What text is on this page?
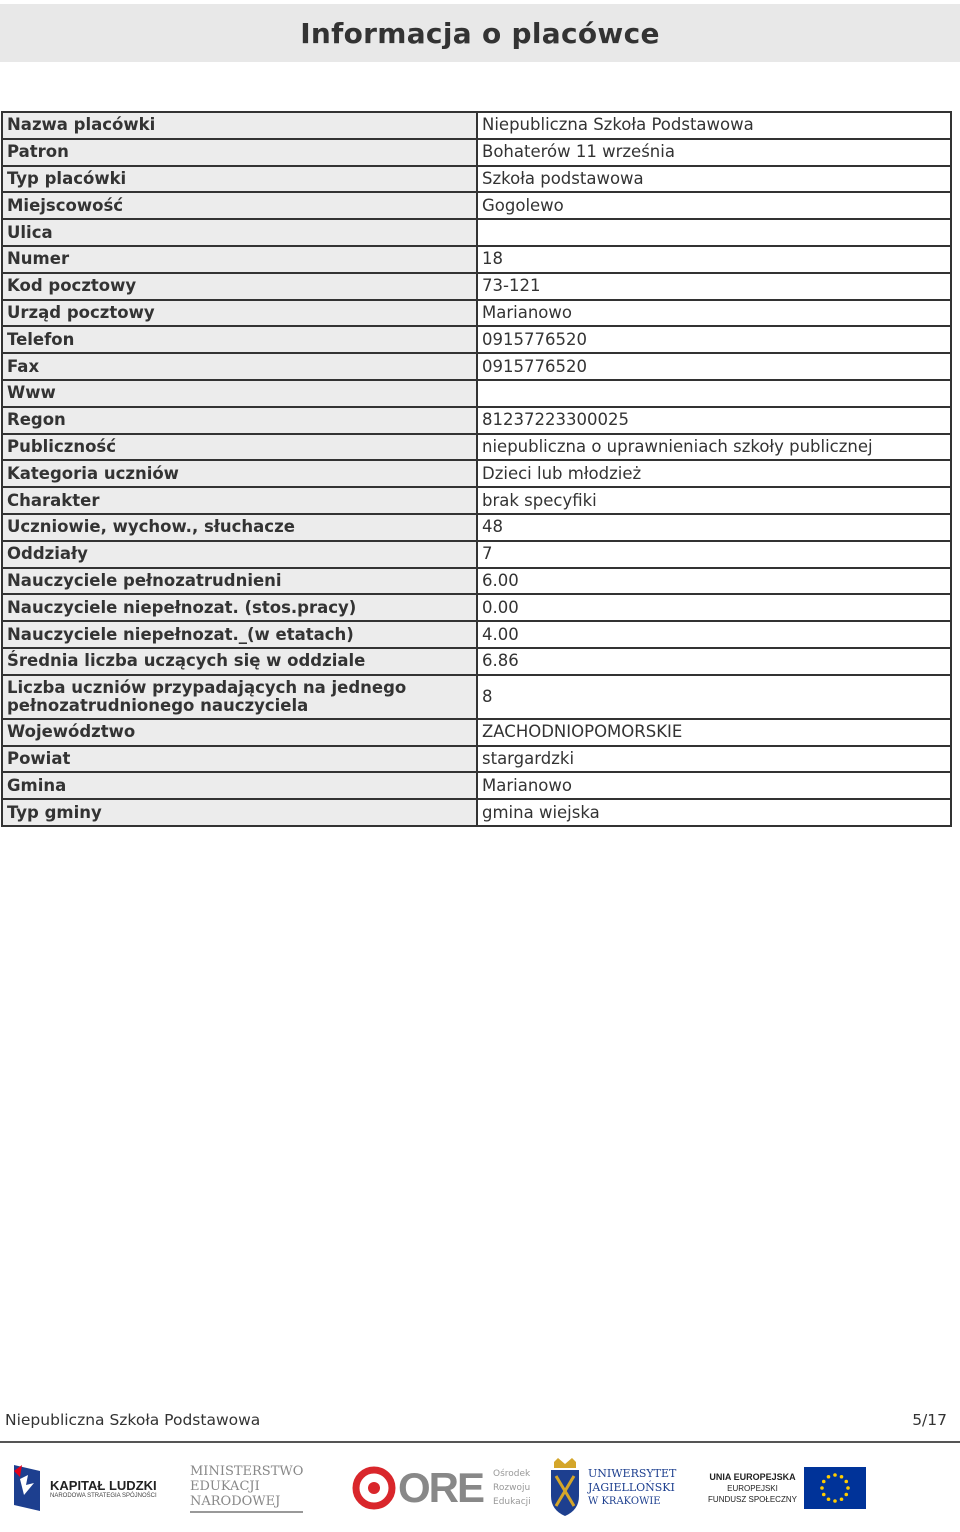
Informacja o placówce
Nazwa placówki	Niepubliczna Szkoła Podstawowa
Patron	Bohaterów 11 września
Typ placówki	Szkoła podstawowa
Miejscowość	Gogolewo
Ulica	
Numer	18
Kod pocztowy	73-121
Urząd pocztowy	Marianowo
Telefon	0915776520
Fax	0915776520
Www	
Regon	81237223300025
Publiczność	niepubliczna o uprawnieniach szkoły publicznej
Kategoria uczniów	Dzieci lub młodzież
Charakter	brak specyfiki
Uczniowie, wychow., słuchacze	48
Oddziały	7
Nauczyciele pełnozatrudnieni	6.00
Nauczyciele niepełnozat. (stos.pracy)	0.00
Nauczyciele niepełnozat._(w etatach)	4.00
Średnia liczba uczących się w oddziale	6.86
Liczba uczniów przypadających na jednego pełnozatrudnionego nauczyciela	8
Województwo	ZACHODNIOPOMORSKIE
Powiat	stargardzki
Gmina	Marianowo
Typ gminy	gmina wiejska
Niepubliczna Szkoła Podstawowa	5/17
KAPITAŁ LUDZKI
NARODOWA STRATEGIA SPÓJNOŚCI
MINISTERSTWO
EDUKACJI
NARODOWEJ	ORE Ośrodek
Rozwoju
Edukacji
UNIWERSYTET
JAGIELLOŃSKI
W KRAKOWIE
UNIA EUROPEJSKA
EUROPEJSKI
FUNDUSZ SPOŁECZNY
